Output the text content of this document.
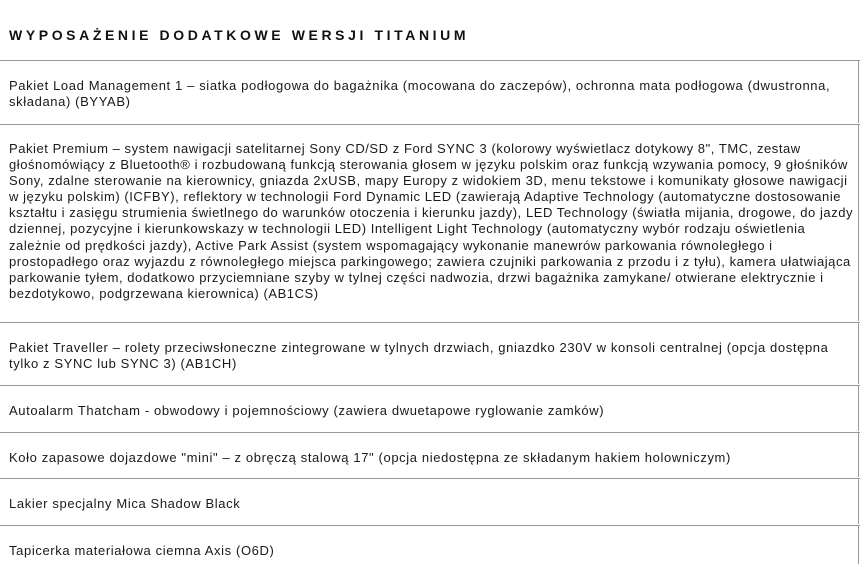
WYPOSAŻENIE DODATKOWE WERSJI TITANIUM
Pakiet Load Management 1 – siatka podłogowa do bagażnika (mocowana do zaczepów), ochronna mata podłogowa (dwustronna, składana) (BYYAB)
Pakiet Premium – system nawigacji satelitarnej Sony CD/SD z Ford SYNC 3 (kolorowy wyświetlacz dotykowy 8", TMC, zestaw głośnomówiący z Bluetooth® i rozbudowaną funkcją sterowania głosem w języku polskim oraz funkcją wzywania pomocy, 9 głośników Sony, zdalne sterowanie na kierownicy, gniazda 2xUSB, mapy Europy z widokiem 3D, menu tekstowe i komunikaty głosowe nawigacji w języku polskim) (ICFBY), reflektory w technologii Ford Dynamic LED (zawierają Adaptive Technology (automatyczne dostosowanie kształtu i zasięgu strumienia świetlnego do warunków otoczenia i kierunku jazdy), LED Technology (światła mijania, drogowe, do jazdy dziennej, pozycyjne i kierunkowskazy w technologii LED) Intelligent Light Technology (automatyczny wybór rodzaju oświetlenia zależnie od prędkości jazdy), Active Park Assist (system wspomagający wykonanie manewrów parkowania równoległego i prostopadłego oraz wyjazdu z równoległego miejsca parkingowego; zawiera czujniki parkowania z przodu i z tyłu), kamera ułatwiająca parkowanie tyłem, dodatkowo przyciemniane szyby w tylnej części nadwozia, drzwi bagażnika zamykane/ otwierane elektrycznie i bezdotykowo, podgrzewana kierownica) (AB1CS)
Pakiet Traveller – rolety przeciwsłoneczne zintegrowane w tylnych drzwiach, gniazdko 230V w konsoli centralnej (opcja dostępna tylko z SYNC lub SYNC 3) (AB1CH)
Autoalarm Thatcham - obwodowy i pojemnościowy (zawiera dwuetapowe ryglowanie zamków)
Koło zapasowe dojazdowe "mini" – z obręczą stalową 17" (opcja niedostępna ze składanym hakiem holowniczym)
Lakier specjalny Mica Shadow Black
Tapicerka materiałowa ciemna Axis (O6D)
